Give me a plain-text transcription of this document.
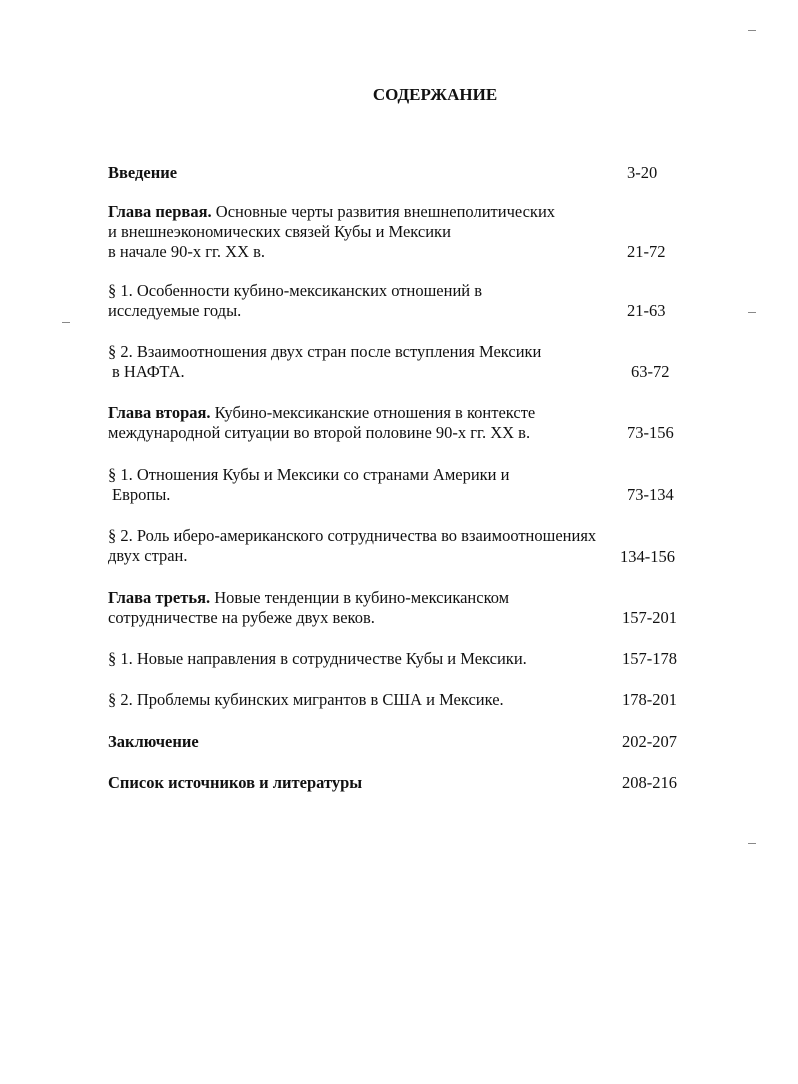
СОДЕРЖАНИЕ
Введение	3-20
Глава первая. Основные черты развития внешнеполитических
и внешнеэкономических связей Кубы и Мексики
в начале 90-х гг. XX в.	21-72
§ 1. Особенности кубино-мексиканских отношений в
исследуемые годы.	21-63
§ 2. Взаимоотношения двух стран после вступления Мексики
в НАФТА.	63-72
Глава вторая. Кубино-мексиканские отношения в контексте
международной ситуации во второй половине 90-х гг. XX в.	73-156
§ 1. Отношения Кубы и Мексики со странами Америки и
Европы.	73-134
§ 2. Роль иберо-американского сотрудничества во взаимоотношениях
двух стран.	134-156
Глава третья. Новые тенденции в кубино-мексиканском
сотрудничестве на рубеже двух веков.	157-201
§ 1. Новые направления в сотрудничестве Кубы и Мексики.	157-178
§ 2. Проблемы кубинских мигрантов в США и Мексике.	178-201
Заключение	202-207
Список источников и литературы	208-216
